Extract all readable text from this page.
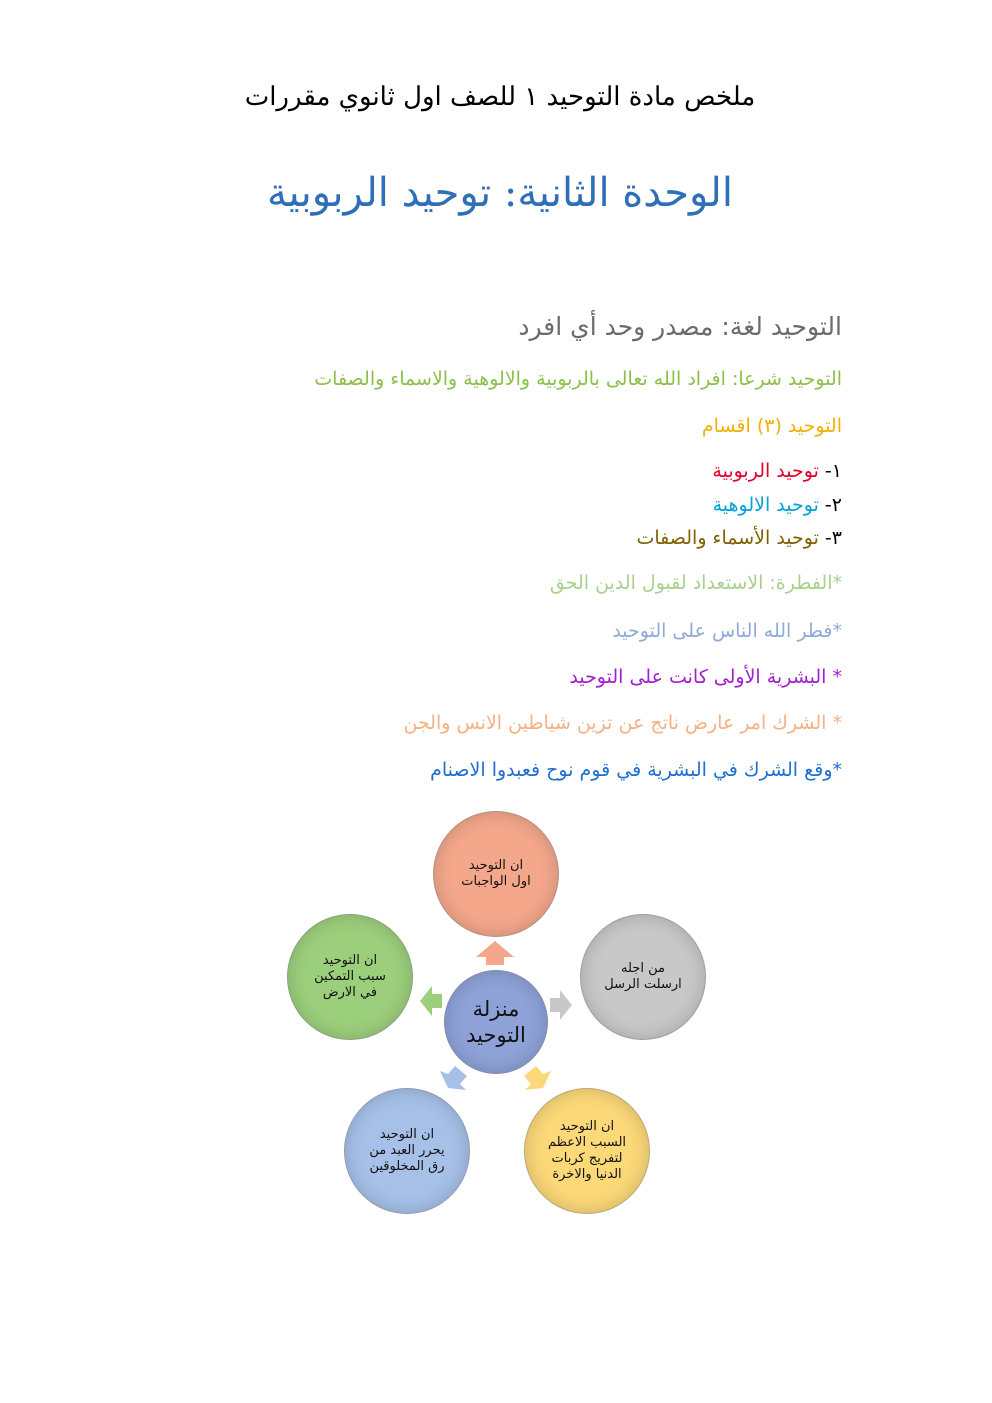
ملخص مادة التوحيد ١ للصف اول ثانوي مقررات
الوحدة الثانية: توحيد الربوبية
التوحيد لغة: مصدر وحد أي افرد
التوحيد شرعا: افراد الله تعالى بالربوبية والالوهية والاسماء والصفات
التوحيد (٣) اقسام
١- توحيد الربوبية
٢- توحيد الالوهية
٣- توحيد الأسماء والصفات
*الفطرة: الاستعداد لقبول الدين الحق
*فطر الله الناس على التوحيد
* البشرية الأولى كانت على التوحيد
* الشرك امر عارض ناتج عن تزين شياطين الانس والجن
*وقع الشرك في البشرية في قوم نوح فعبدوا الاصنام
ان التوحيد
اول الواجبات
من اجله
ارسلت الرسل
ان التوحيد
سبب التمكين
في الارض
ان التوحيد
يحرر العبد من
رق المخلوقين
ان التوحيد
السبب الاعظم
لتفريج كربات
الدنيا والاخرة
منزلة
التوحيد
